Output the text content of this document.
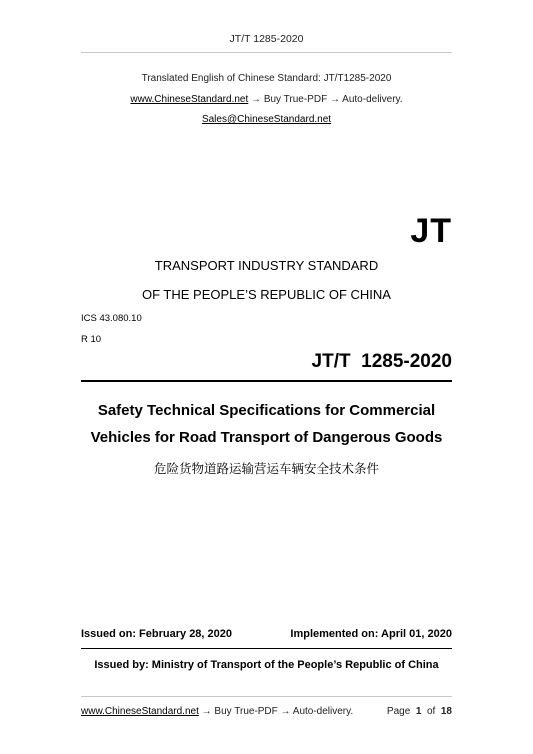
JT/T 1285-2020
Translated English of Chinese Standard: JT/T1285-2020
www.ChineseStandard.net → Buy True-PDF → Auto-delivery.
Sales@ChineseStandard.net
JT
TRANSPORT INDUSTRY STANDARD
OF THE PEOPLE’S REPUBLIC OF CHINA
ICS 43.080.10
R 10
JT/T  1285-2020
Safety Technical Specifications for Commercial
Vehicles for Road Transport of Dangerous Goods
危险货物道路运输营运车辆安全技术条件
Issued on: February 28, 2020	Implemented on: April 01, 2020
Issued by: Ministry of Transport of the People’s Republic of China
www.ChineseStandard.net → Buy True-PDF → Auto-delivery.	Page 1 of 18
